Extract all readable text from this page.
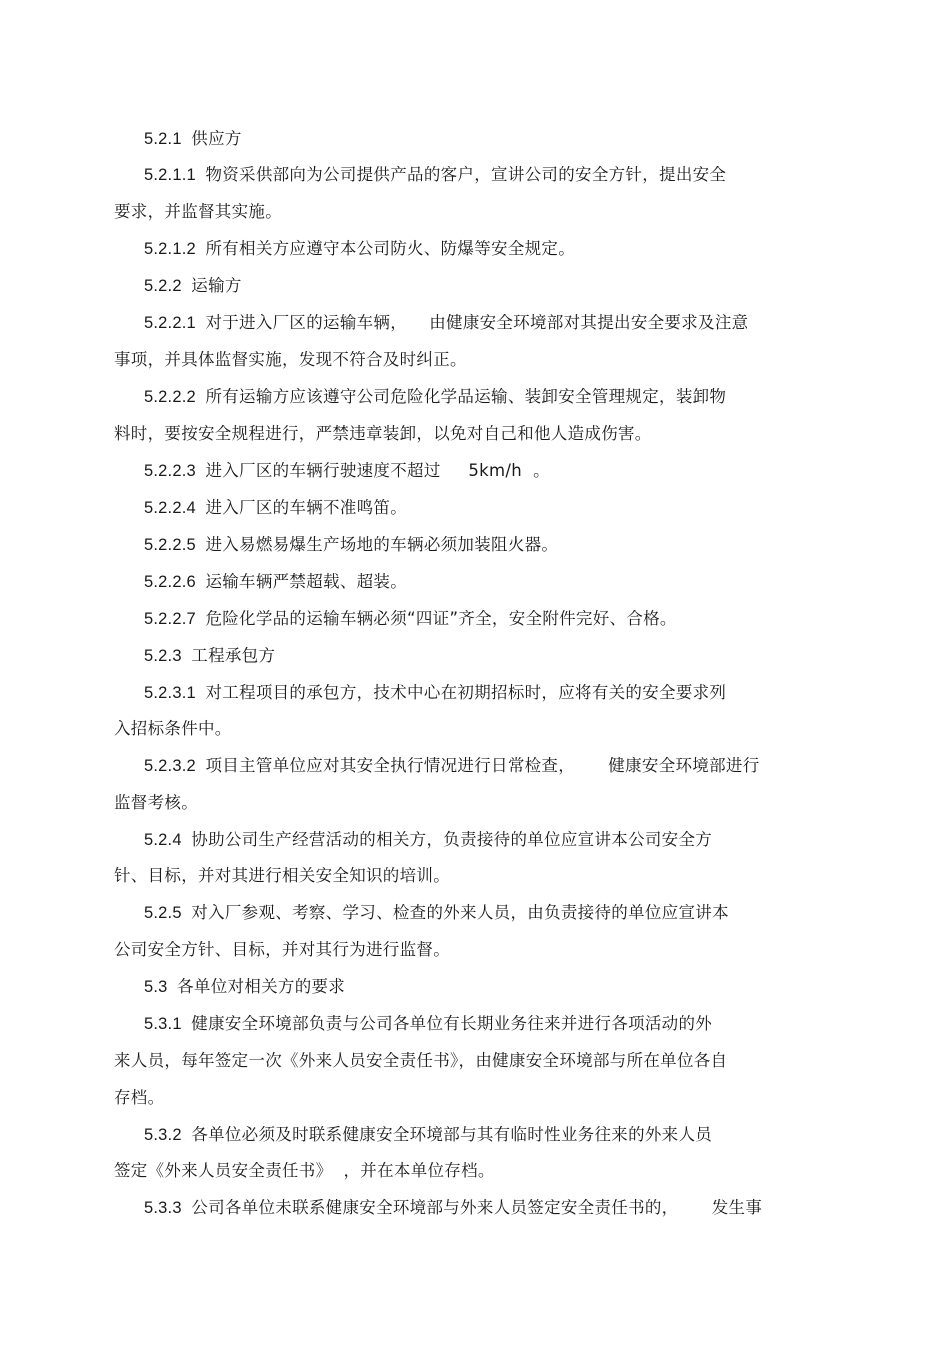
5.2.1  供应方
5.2.1.1  物资采供部向为公司提供产品的客户，宣讲公司的安全方针，提出安全
要求，并监督其实施。
5.2.1.2  所有相关方应遵守本公司防火、防爆等安全规定。
5.2.2  运输方
5.2.2.1  对于进入厂区的运输车辆，    由健康安全环境部对其提出安全要求及注意
事项，并具体监督实施，发现不符合及时纠正。
5.2.2.2  所有运输方应该遵守公司危险化学品运输、装卸安全管理规定，装卸物
料时，要按安全规程进行，严禁违章装卸，以免对自己和他人造成伤害。
5.2.2.3  进入厂区的车辆行驶速度不超过     5km/h  。
5.2.2.4  进入厂区的车辆不准鸣笛。
5.2.2.5  进入易燃易爆生产场地的车辆必须加装阻火器。
5.2.2.6  运输车辆严禁超载、超装。
5.2.2.7  危险化学品的运输车辆必须“四证”齐全，安全附件完好、合格。
5.2.3  工程承包方
5.2.3.1  对工程项目的承包方，技术中心在初期招标时，应将有关的安全要求列
入招标条件中。
5.2.3.2  项目主管单位应对其安全执行情况进行日常检查，      健康安全环境部进行
监督考核。
5.2.4  协助公司生产经营活动的相关方，负责接待的单位应宣讲本公司安全方
针、目标，并对其进行相关安全知识的培训。
5.2.5  对入厂参观、考察、学习、检查的外来人员，由负责接待的单位应宣讲本
公司安全方针、目标，并对其行为进行监督。
5.3  各单位对相关方的要求
5.3.1  健康安全环境部负责与公司各单位有长期业务往来并进行各项活动的外
来人员，每年签定一次《外来人员安全责任书》，由健康安全环境部与所在单位各自
存档。
5.3.2  各单位必须及时联系健康安全环境部与其有临时性业务往来的外来人员
签定《外来人员安全责任书》  ，并在本单位存档。
5.3.3  公司各单位未联系健康安全环境部与外来人员签定安全责任书的，      发生事
